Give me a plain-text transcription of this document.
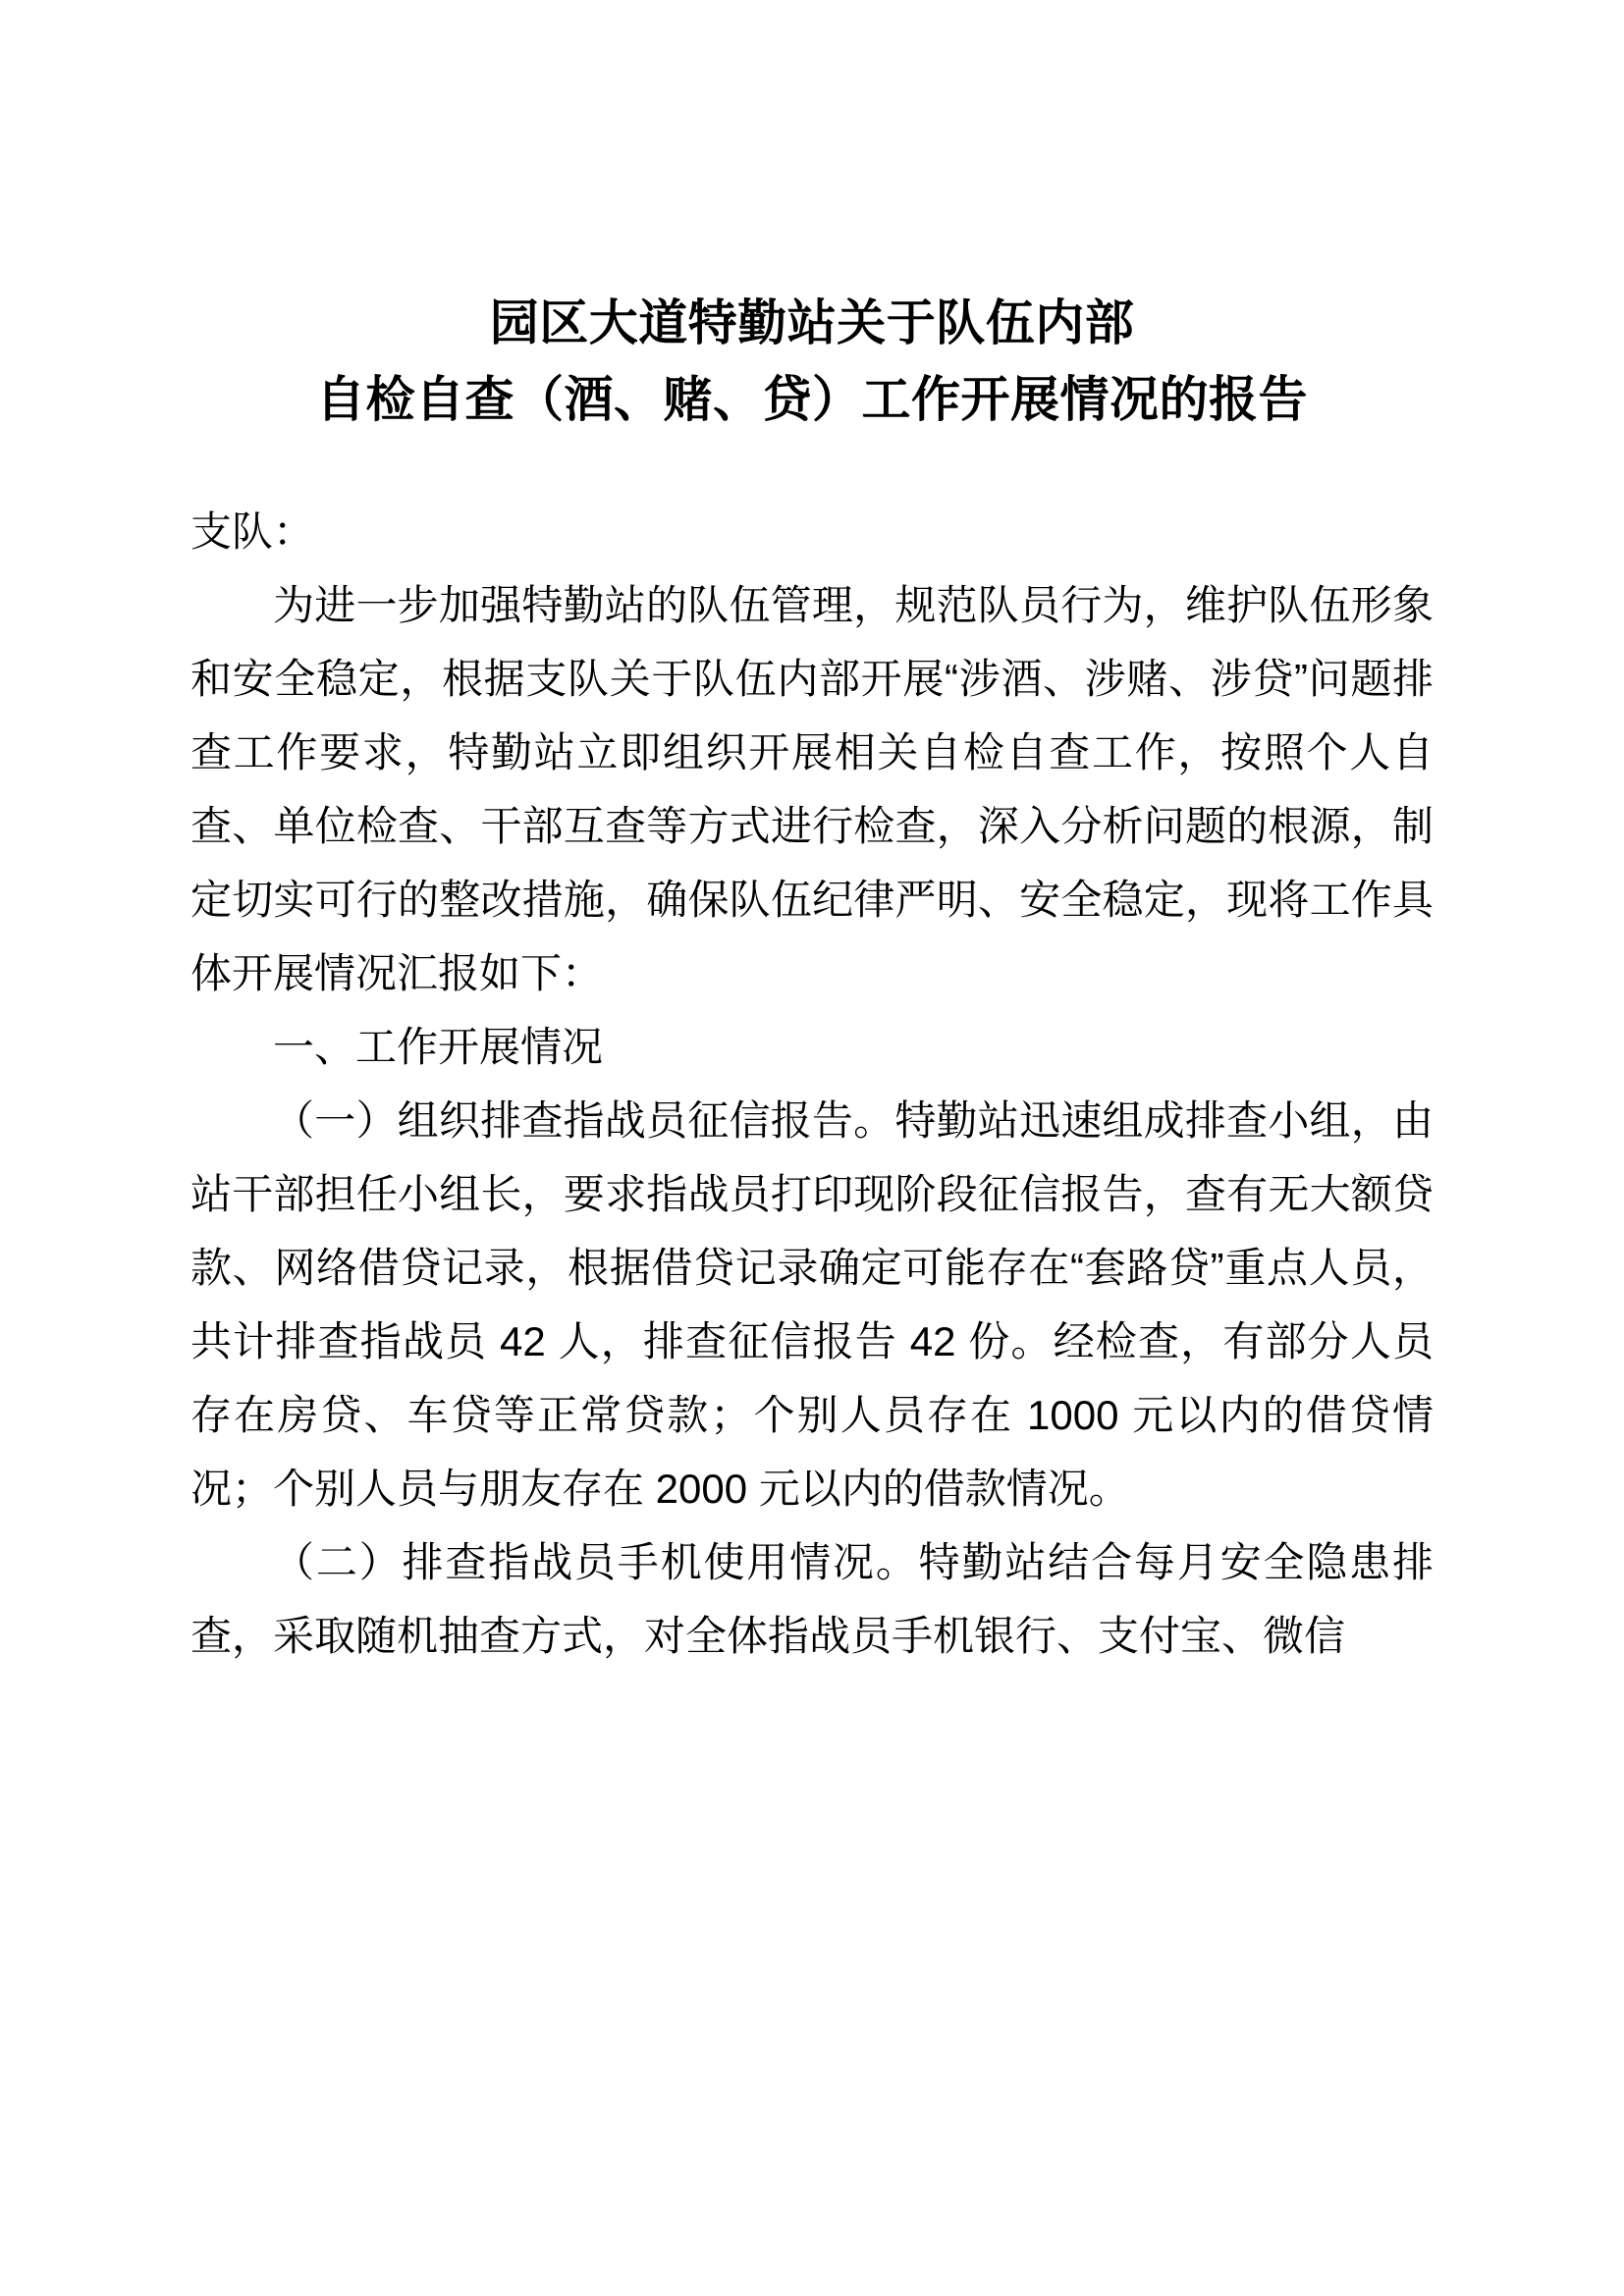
园区大道特勤站关于队伍内部
自检自查（酒、赌、贷）工作开展情况的报告

支队：

为进一步加强特勤站的队伍管理，规范队员行为，维护队伍形象和安全稳定，根据支队关于队伍内部开展“涉酒、涉赌、涉贷”问题排查工作要求，特勤站立即组织开展相关自检自查工作，按照个人自查、单位检查、干部互查等方式进行检查，深入分析问题的根源，制定切实可行的整改措施，确保队伍纪律严明、安全稳定，现将工作具体开展情况汇报如下：

一、工作开展情况

（一）组织排查指战员征信报告。特勤站迅速组成排查小组，由站干部担任小组长，要求指战员打印现阶段征信报告，查有无大额贷款、网络借贷记录，根据借贷记录确定可能存在“套路贷”重点人员，共计排查指战员 42 人，排查征信报告 42 份。经检查，有部分人员存在房贷、车贷等正常贷款；个别人员存在 1000 元以内的借贷情况；个别人员与朋友存在 2000 元以内的借款情况。

（二）排查指战员手机使用情况。特勤站结合每月安全隐患排查，采取随机抽查方式，对全体指战员手机银行、支付宝、微信
